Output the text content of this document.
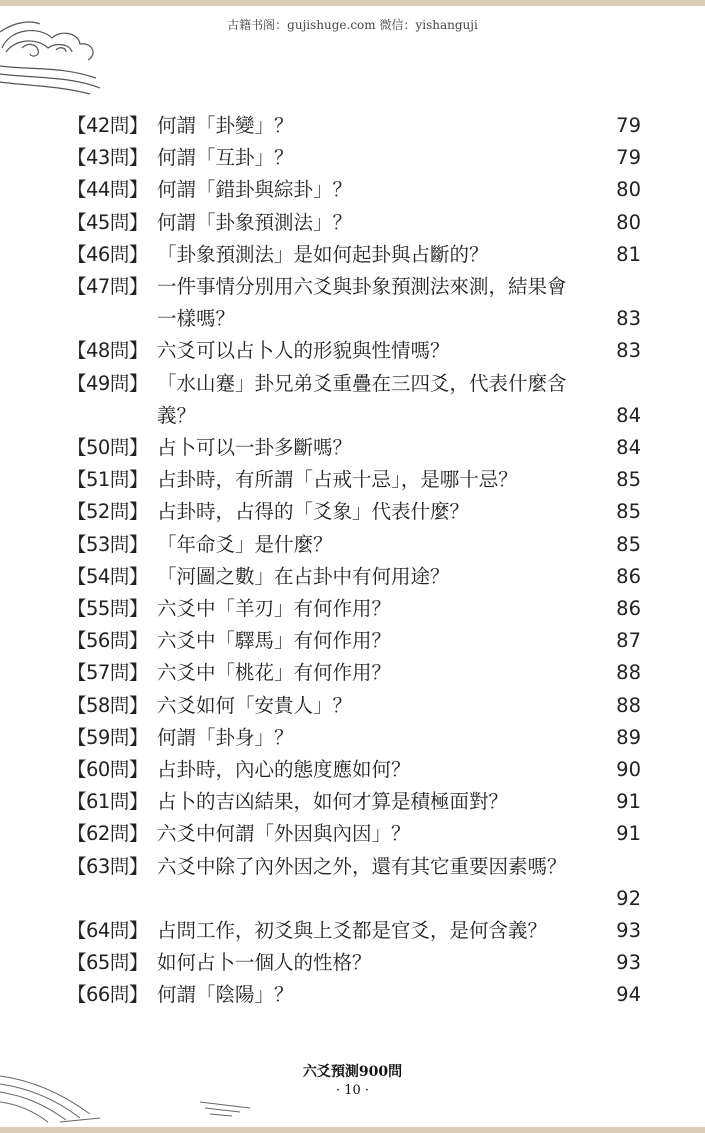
古籍书阁：gujishuge.com 微信：yishanguji
【42問】 何謂「卦變」？	79
【43問】 何謂「互卦」？	79
【44問】 何謂「錯卦與綜卦」？	80
【45問】 何謂「卦象預測法」？	80
【46問】 「卦象預測法」是如何起卦與占斷的？	81
【47問】 一件事情分別用六爻與卦象預測法來測，結果會
一樣嗎？	83
【48問】 六爻可以占卜人的形貌與性情嗎？	83
【49問】 「水山蹇」卦兄弟爻重疊在三四爻，代表什麼含
義？	84
【50問】 占卜可以一卦多斷嗎？	84
【51問】 占卦時，有所謂「占戒十忌」，是哪十忌？	85
【52問】 占卦時，占得的「爻象」代表什麼？	85
【53問】 「年命爻」是什麼？	85
【54問】 「河圖之數」在占卦中有何用途？	86
【55問】 六爻中「羊刃」有何作用？	86
【56問】 六爻中「驛馬」有何作用？	87
【57問】 六爻中「桃花」有何作用？	88
【58問】 六爻如何「安貴人」？	88
【59問】 何謂「卦身」？	89
【60問】 占卦時，內心的態度應如何？	90
【61問】 占卜的吉凶結果，如何才算是積極面對？	91
【62問】 六爻中何謂「外因與內因」？	91
【63問】 六爻中除了內外因之外，還有其它重要因素嗎？
92
【64問】 占問工作，初爻與上爻都是官爻，是何含義？	93
【65問】 如何占卜一個人的性格？	93
【66問】 何謂「陰陽」？	94
六爻預測900問
· 10 ·
